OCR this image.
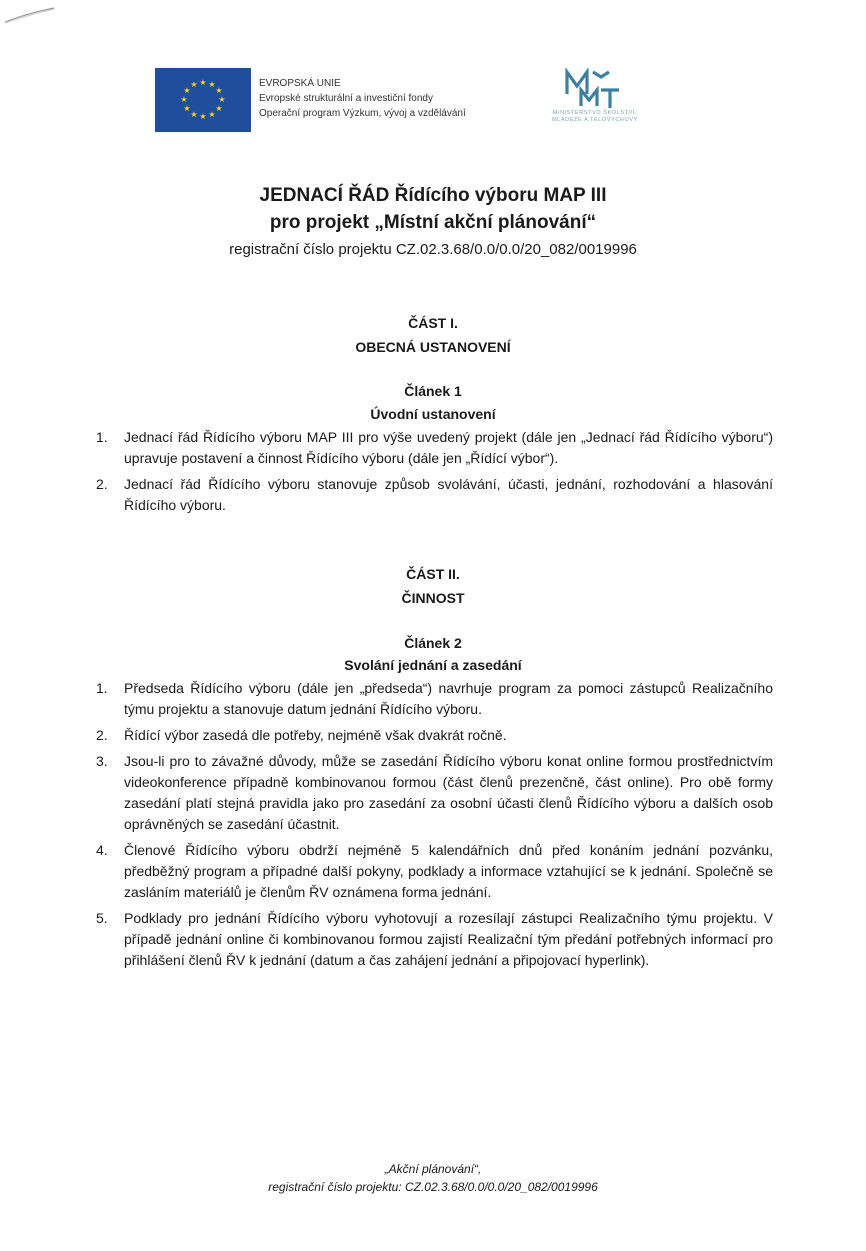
★ ★
★
★
★
★
★
★
★
★
★
★	EVROPSKÁ UNIE
Evropské strukturální a investiční fondy
Operační program Výzkum, vývoj a vzdělávání	MINISTERSTVO ŠKOLSTVÍ,
MLÁDEŽE A TĚLOVÝCHOVY
JEDNACÍ ŘÁD Řídícího výboru MAP III
pro projekt „Místní akční plánování“
registrační číslo projektu CZ.02.3.68/0.0/0.0/20_082/0019996
ČÁST I.
OBECNÁ USTANOVENÍ
Článek 1
Úvodní ustanovení
1. Jednací řád Řídícího výboru MAP III pro výše uvedený projekt (dále jen „Jednací řád Řídícího výboru“) upravuje postavení a činnost Řídícího výboru (dále jen „Řídící výbor“).
2. Jednací řád Řídícího výboru stanovuje způsob svolávání, účasti, jednání, rozhodování a hlasování Řídícího výboru.
ČÁST II.
ČINNOST
Článek 2
Svolání jednání a zasedání
1. Předseda Řídícího výboru (dále jen „předseda“) navrhuje program za pomoci zástupců Realizačního týmu projektu a stanovuje datum jednání Řídícího výboru.
2. Řídící výbor zasedá dle potřeby, nejméně však dvakrát ročně.
3. Jsou-li pro to závažné důvody, může se zasedání Řídícího výboru konat online formou prostřednictvím videokonference případně kombinovanou formou (část členů prezenčně, část online). Pro obě formy zasedání platí stejná pravidla jako pro zasedání za osobní účasti členů Řídícího výboru a dalších osob oprávněných se zasedání účastnit.
4. Členové Řídícího výboru obdrží nejméně 5 kalendářních dnů před konáním jednání pozvánku, předběžný program a případné další pokyny, podklady a informace vztahující se k jednání. Společně se zasláním materiálů je členům ŘV oznámena forma jednání.
5. Podklady pro jednání Řídícího výboru vyhotovují a rozesílají zástupci Realizačního týmu projektu. V případě jednání online či kombinovanou formou zajistí Realizační tým předání potřebných informací pro přihlášení členů ŘV k jednání (datum a čas zahájení jednání a připojovací hyperlink).
„Akční plánování“,
registrační číslo projektu: CZ.02.3.68/0.0/0.0/20_082/0019996
